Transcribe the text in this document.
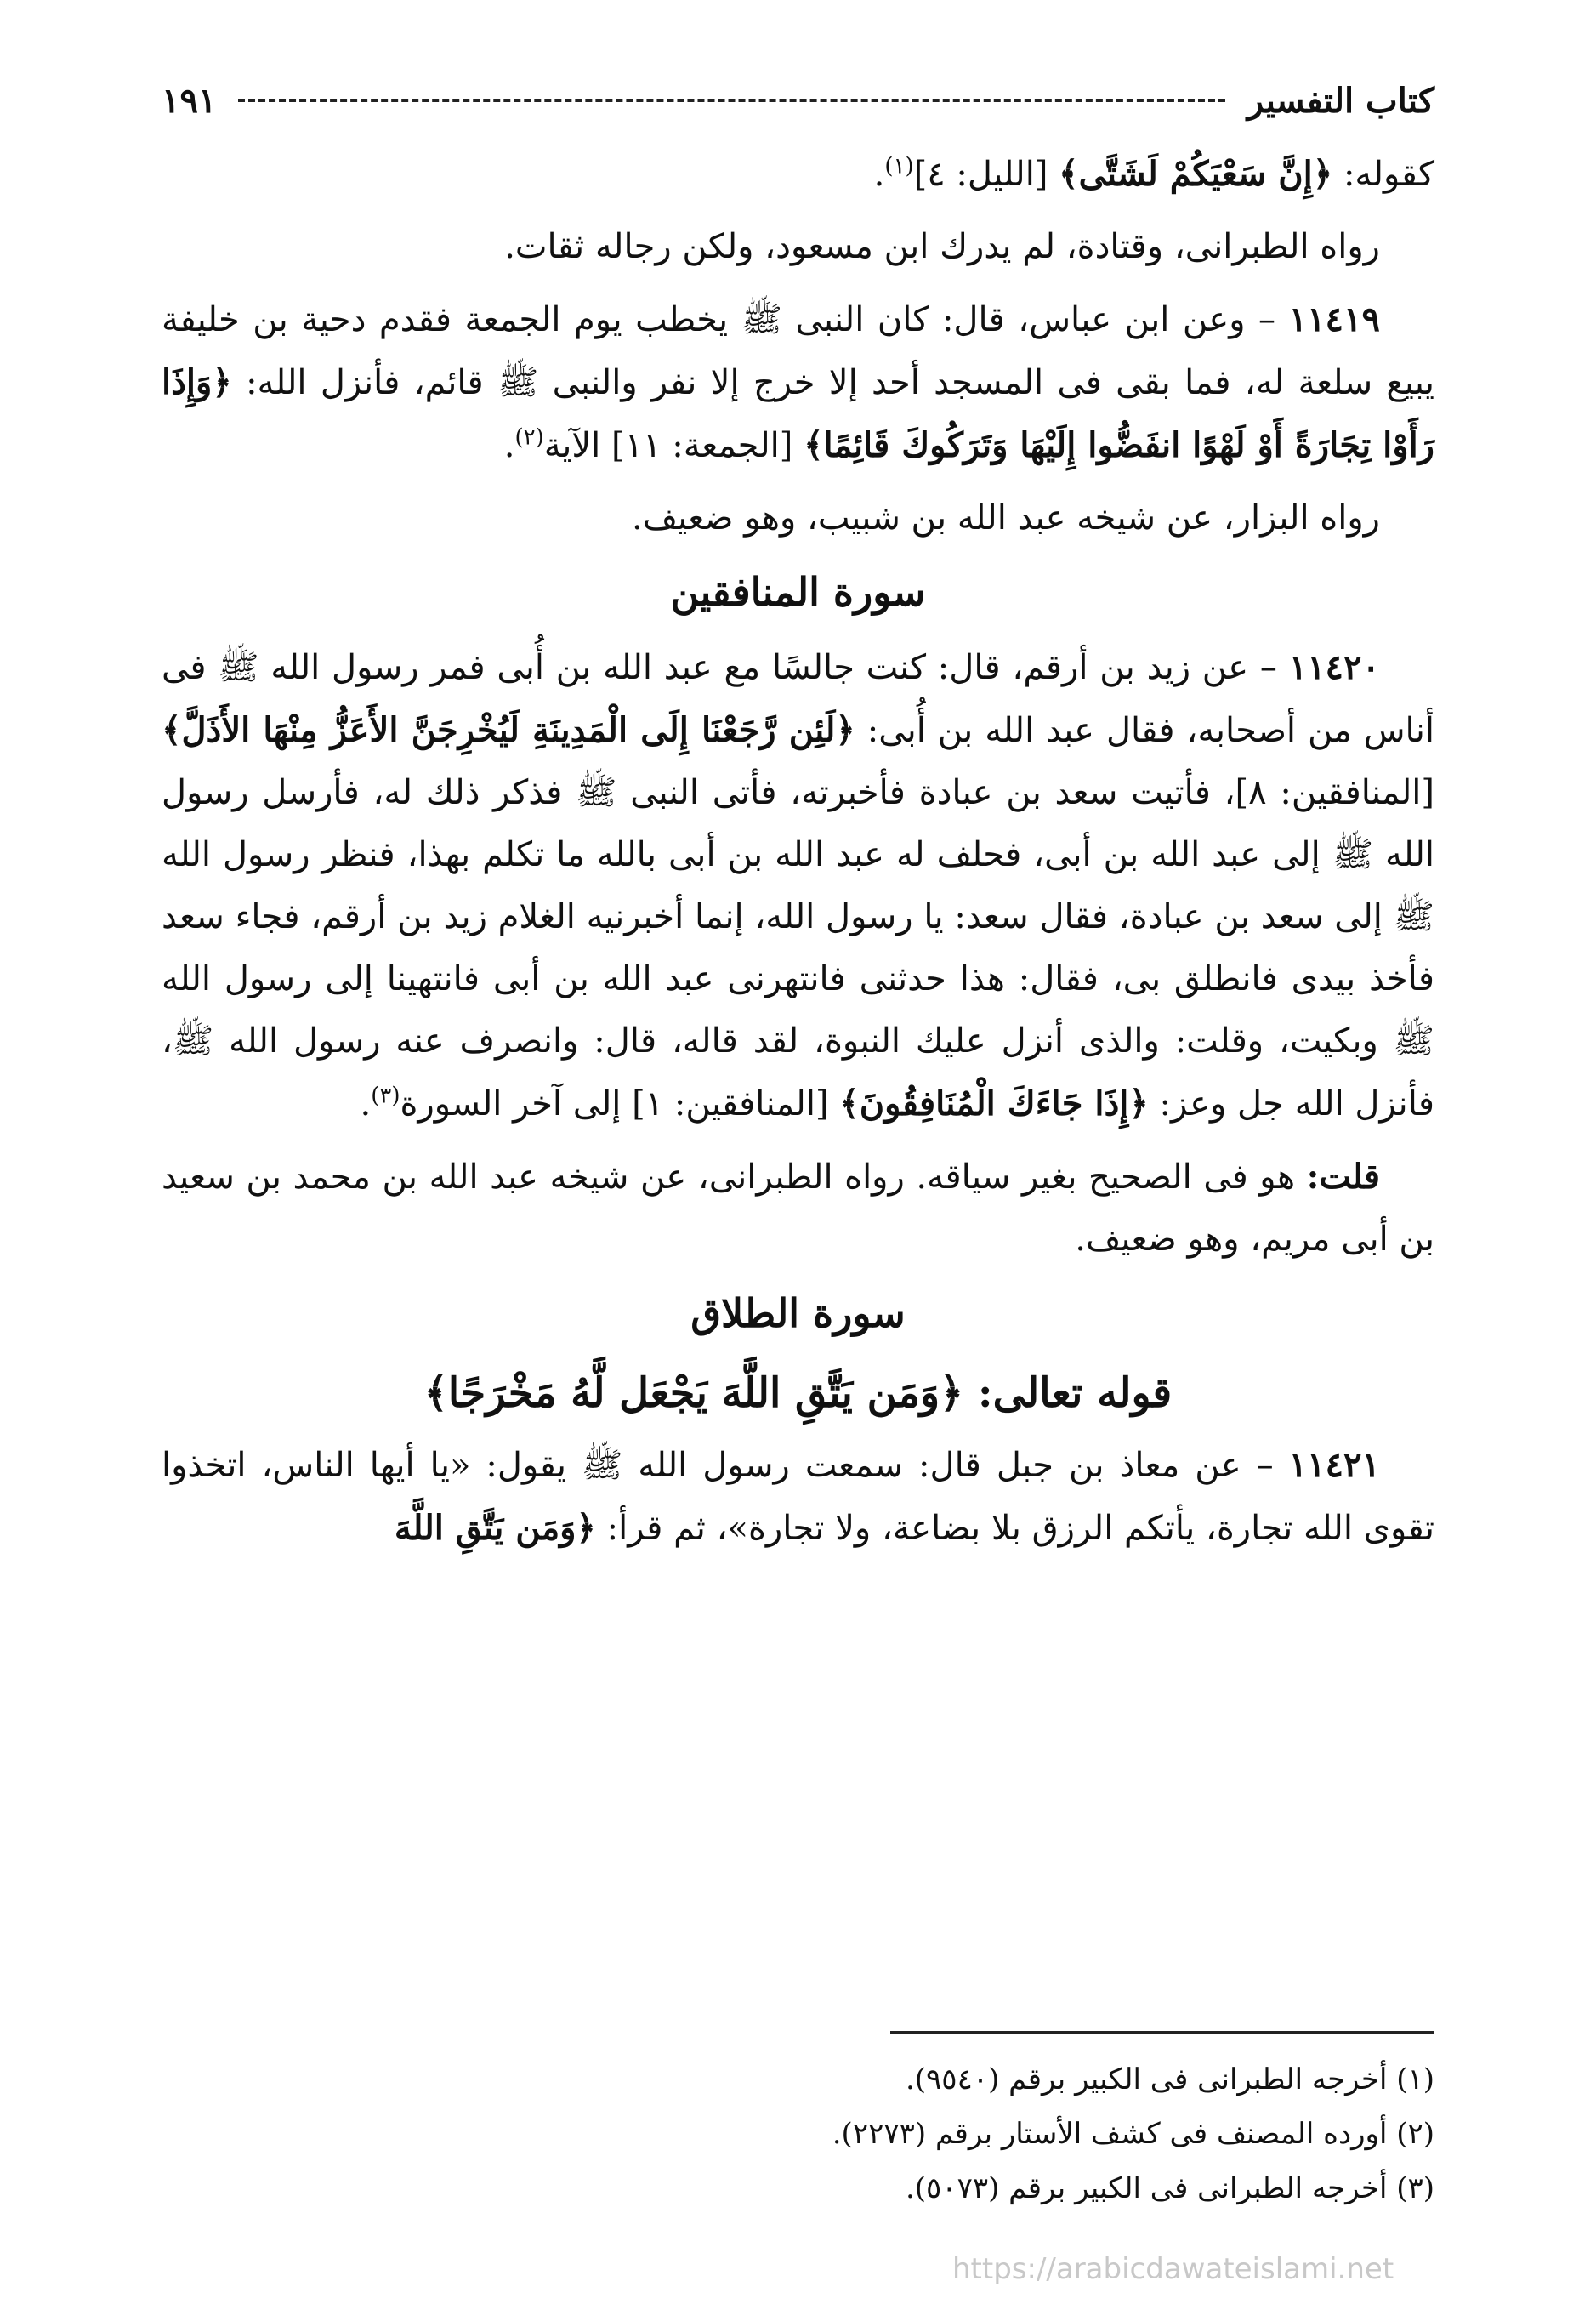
كتاب التفسير
١٩١

كقوله: ﴿إِنَّ سَعْيَكُمْ لَشَتَّى﴾ [الليل: ٤]$^{(١)}$.

رواه الطبرانى، وقتادة، لم يدرك ابن مسعود، ولكن رجاله ثقات.

١١٤١٩ – وعن ابن عباس، قال: كان النبى ﷺ يخطب يوم الجمعة فقدم دحية بن خليفة يبيع سلعة له، فما بقى فى المسجد أحد إلا خرج إلا نفر والنبى ﷺ قائم، فأنزل الله: ﴿وَإِذَا رَأَوْا تِجَارَةً أَوْ لَهْوًا انفَضُّوا إِلَيْهَا وَتَرَكُوكَ قَائِمًا﴾ [الجمعة: ١١] الآية$^{(٢)}$.

رواه البزار، عن شيخه عبد الله بن شبيب، وهو ضعيف.

سورة المنافقين

١١٤٢٠ – عن زيد بن أرقم، قال: كنت جالسًا مع عبد الله بن أُبى فمر رسول الله ﷺ فى أناس من أصحابه، فقال عبد الله بن أُبى: ﴿لَئِن رَّجَعْنَا إِلَى الْمَدِينَةِ لَيُخْرِجَنَّ الأَعَزُّ مِنْهَا الأَذَلَّ﴾ [المنافقين: ٨]، فأتيت سعد بن عبادة فأخبرته، فأتى النبى ﷺ فذكر ذلك له، فأرسل رسول الله ﷺ إلى عبد الله بن أبى، فحلف له عبد الله بن أبى بالله ما تكلم بهذا، فنظر رسول الله ﷺ إلى سعد بن عبادة، فقال سعد: يا رسول الله، إنما أخبرنيه الغلام زيد بن أرقم، فجاء سعد فأخذ بيدى فانطلق بى، فقال: هذا حدثنى فانتهرنى عبد الله بن أبى فانتهينا إلى رسول الله ﷺ وبكيت، وقلت: والذى أنزل عليك النبوة، لقد قاله، قال: وانصرف عنه رسول الله ﷺ، فأنزل الله جل وعز: ﴿إِذَا جَاءَكَ الْمُنَافِقُونَ﴾ [المنافقين: ١] إلى آخر السورة$^{(٣)}$.

قلت: هو فى الصحيح بغير سياقه. رواه الطبرانى، عن شيخه عبد الله بن محمد بن سعيد بن أبى مريم، وهو ضعيف.

سورة الطلاق
قوله تعالى: ﴿وَمَن يَتَّقِ اللَّهَ يَجْعَل لَّهُ مَخْرَجًا﴾

١١٤٢١ – عن معاذ بن جبل قال: سمعت رسول الله ﷺ يقول: «يا أيها الناس، اتخذوا تقوى الله تجارة، يأتكم الرزق بلا بضاعة، ولا تجارة»، ثم قرأ: ﴿وَمَن يَتَّقِ اللَّهَ

(١) أخرجه الطبرانى فى الكبير برقم (٩٥٤٠).

(٢) أورده المصنف فى كشف الأستار برقم (٢٢٧٣).

(٣) أخرجه الطبرانى فى الكبير برقم (٥٠٧٣).

https://arabicdawateislami.net
